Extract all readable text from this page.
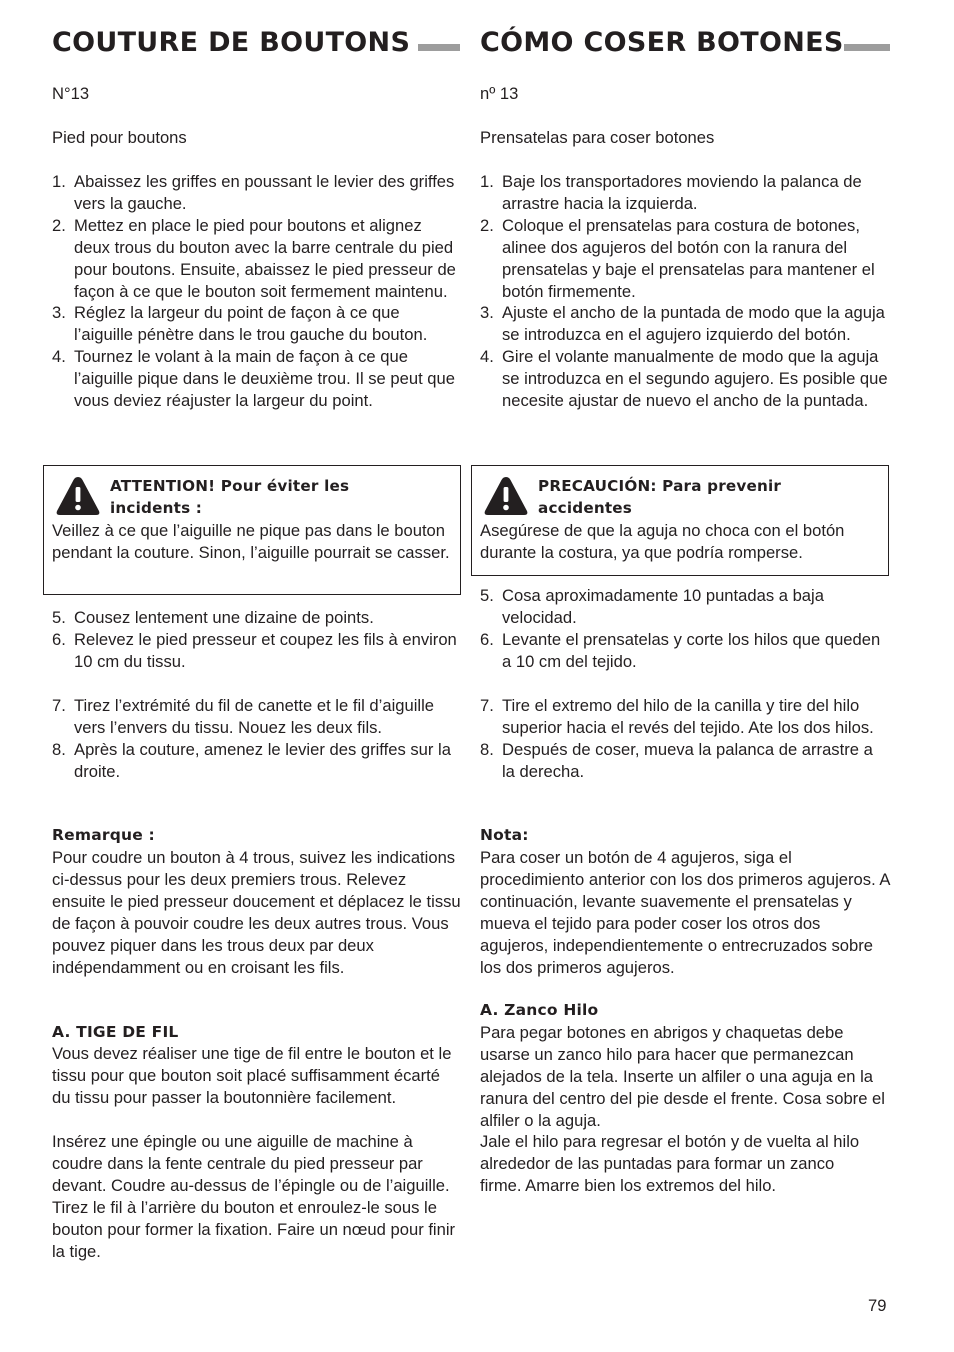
COUTURE DE BOUTONS

N°13

Pied pour boutons

1. Abaissez les griffes en poussant le levier des griffes vers la gauche.
2. Mettez en place le pied pour boutons et alignez deux trous du bouton avec la barre centrale du pied pour boutons. Ensuite, abaissez le pied presseur de façon à ce que le bouton soit fermement maintenu.
3. Réglez la largeur du point de façon à ce que l’aiguille pénètre dans le trou gauche du bouton.
4. Tournez le volant à la main de façon à ce que l’aiguille pique dans le deuxième trou. Il se peut que vous deviez réajuster la largeur du point.
ATTENTION! Pour éviter les incidents :
Veillez à ce que l’aiguille ne pique pas dans le bouton pendant la couture. Sinon, l’aiguille pourrait se casser.
5. Cousez lentement une dizaine de points.
6. Relevez le pied presseur et coupez les fils à environ 10 cm du tissu.
7. Tirez l’extrémité du fil de canette et le fil d’aiguille vers l’envers du tissu. Nouez les deux fils.
8. Après la couture, amenez le levier des griffes sur la droite.

Remarque :

Pour coudre un bouton à 4 trous, suivez les indications ci-dessus pour les deux premiers trous. Relevez ensuite le pied presseur doucement et déplacez le tissu de façon à pouvoir coudre les deux autres trous. Vous pouvez piquer dans les trous deux par deux indépendamment ou en croisant les fils.

A. TIGE DE FIL

Vous devez réaliser une tige de fil entre le bouton et le tissu pour que bouton soit placé suffisamment écarté du tissu pour passer la boutonnière facilement.

Insérez une épingle ou une aiguille de machine à coudre dans la fente centrale du pied presseur par devant. Coudre au-dessus de l’épingle ou de l’aiguille. Tirez le fil à l’arrière du bouton et enroulez-le sous le bouton pour former la fixation. Faire un nœud pour finir la tige.

CÓMO COSER BOTONES

nº 13

Prensatelas para coser botones

1. Baje los transportadores moviendo la palanca de arrastre hacia la izquierda.
2. Coloque el prensatelas para costura de botones, alinee dos agujeros del botón con la ranura del prensatelas y baje el prensatelas para mantener el botón firmemente.
3. Ajuste el ancho de la puntada de modo que la aguja se introduzca en el agujero izquierdo del botón.
4. Gire el volante manualmente de modo que la aguja se introduzca en el segundo agujero. Es posible que necesite ajustar de nuevo el ancho de la puntada.
PRECAUCIÓN: Para prevenir accidentes
Asegúrese de que la aguja no choca con el botón durante la costura, ya que podría romperse.
5. Cosa aproximadamente 10 puntadas a baja velocidad.
6. Levante el prensatelas y corte los hilos que queden a 10 cm del tejido.
7. Tire el extremo del hilo de la canilla y tire del hilo superior hacia el revés del tejido. Ate los dos hilos.
8. Después de coser, mueva la palanca de arrastre a la derecha.

Nota:

Para coser un botón de 4 agujeros, siga el procedimiento anterior con los dos primeros agujeros. A continuación, levante suavemente el prensatelas y mueva el tejido para poder coser los otros dos agujeros, independientemente o entrecruzados sobre los dos primeros agujeros.

A. Zanco Hilo

Para pegar botones en abrigos y chaquetas debe usarse un zanco hilo para hacer que permanezcan alejados de la tela. Inserte un alfiler o una aguja en la ranura del centro del pie desde el frente. Cosa sobre el alfiler o la aguja.

Jale el hilo para regresar el botón y de vuelta al hilo alrededor de las puntadas para formar un zanco firme. Amarre bien los extremos del hilo.

79
